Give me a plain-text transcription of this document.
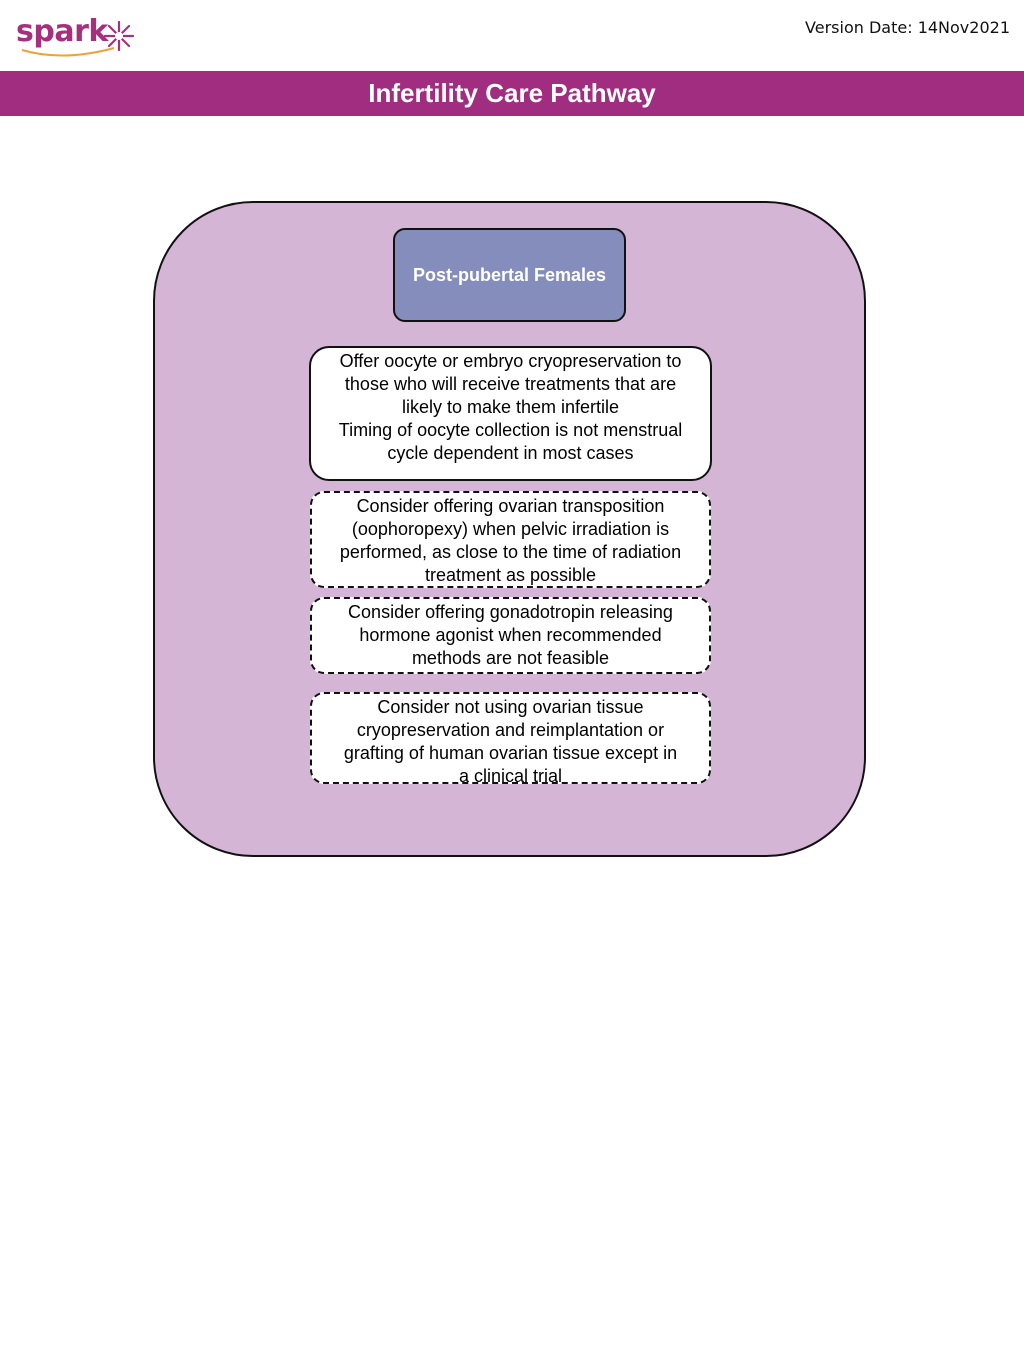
spark	Version Date: 14Nov2021
Infertility Care Pathway
Post-pubertal Females
Offer oocyte or embryo cryopreservation to
those who will receive treatments that are
likely to make them infertile
Timing of oocyte collection is not menstrual
cycle dependent in most cases
Consider offering ovarian transposition
(oophoropexy) when pelvic irradiation is
performed, as close to the time of radiation
treatment as possible
Consider offering gonadotropin releasing
hormone agonist when recommended
methods are not feasible
Consider not using ovarian tissue
cryopreservation and reimplantation or
grafting of human ovarian tissue except in
a clinical trial
